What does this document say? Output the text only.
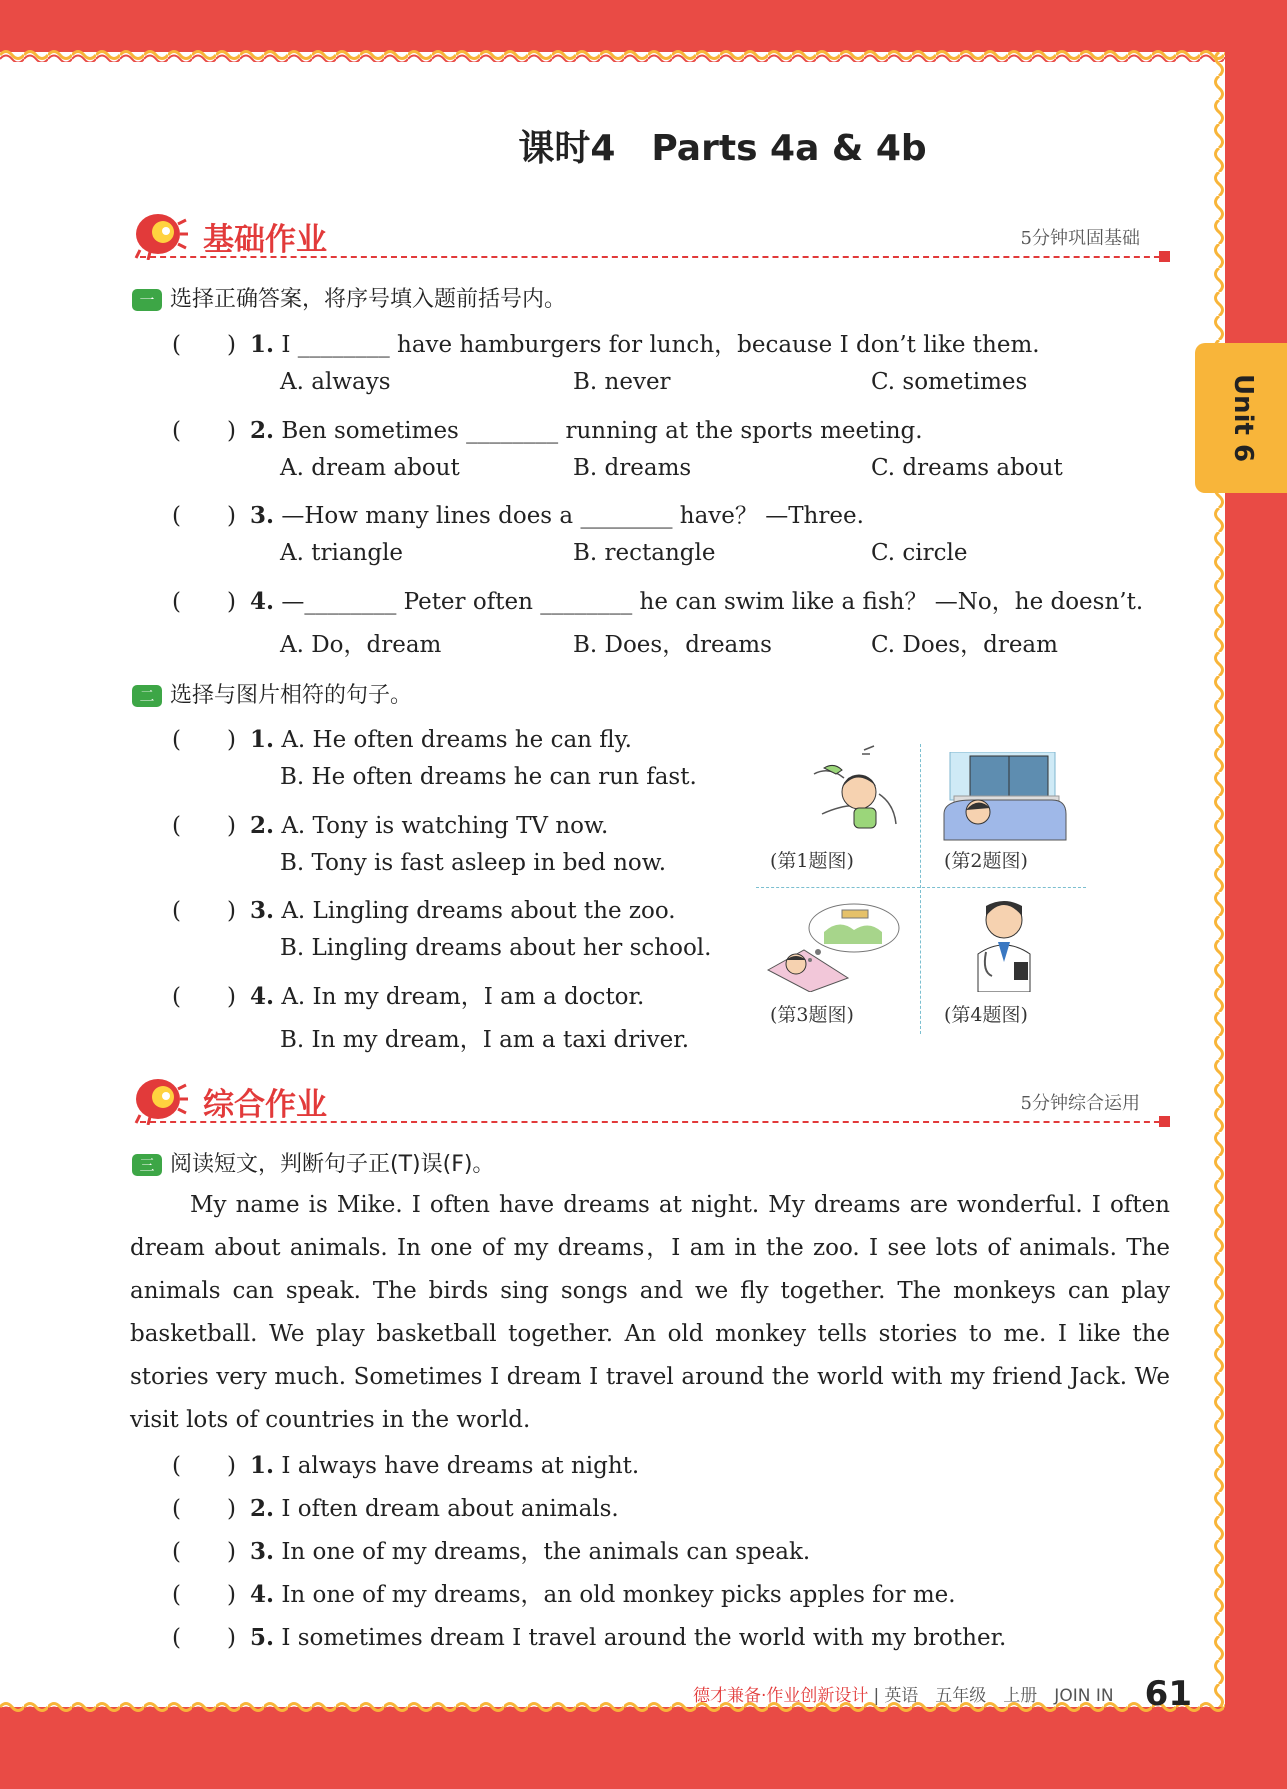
Unit 6
课时4　Parts 4a & 4b
基础作业	5分钟巩固基础
一 选择正确答案，将序号填入题前括号内。
(　　) 1. I ________ have hamburgers for lunch，because I don’t like them.
A. always	B. never	C. sometimes
(　　) 2. Ben sometimes ________ running at the sports meeting.
A. dream about	B. dreams	C. dreams about
(　　) 3. —How many lines does a ________ have？ —Three.
A. triangle	B. rectangle	C. circle
(　　) 4. —________ Peter often ________ he can swim like a fish？ —No，he doesn’t.
A. Do，dream	B. Does，dreams	C. Does，dream
二 选择与图片相符的句子。
(　　) 1. A. He often dreams he can fly.
B. He often dreams he can run fast.
(　　) 2. A. Tony is watching TV now.
B. Tony is fast asleep in bed now.
(　　) 3. A. Lingling dreams about the zoo.
B. Lingling dreams about her school.
(　　) 4. A. In my dream，I am a doctor.
B. In my dream，I am a taxi driver.
(第1题图)	(第2题图)
(第3题图)	(第4题图)
综合作业	5分钟综合运用
三 阅读短文，判断句子正(T)误(F)。
My name is Mike. I often have dreams at night. My dreams are wonderful. I often dream about animals. In one of my dreams，I am in the zoo. I see lots of animals. The animals can speak. The birds sing songs and we fly together. The monkeys can play basketball. We play basketball together. An old monkey tells stories to me. I like the stories very much. Sometimes I dream I travel around the world with my friend Jack. We visit lots of countries in the world.
(　　) 1. I always have dreams at night.
(　　) 2. I often dream about animals.
(　　) 3. In one of my dreams，the animals can speak.
(　　) 4. In one of my dreams，an old monkey picks apples for me.
(　　) 5. I sometimes dream I travel around the world with my brother.
德才兼备·作业创新设计 | 英语　五年级　上册　JOIN IN 61
